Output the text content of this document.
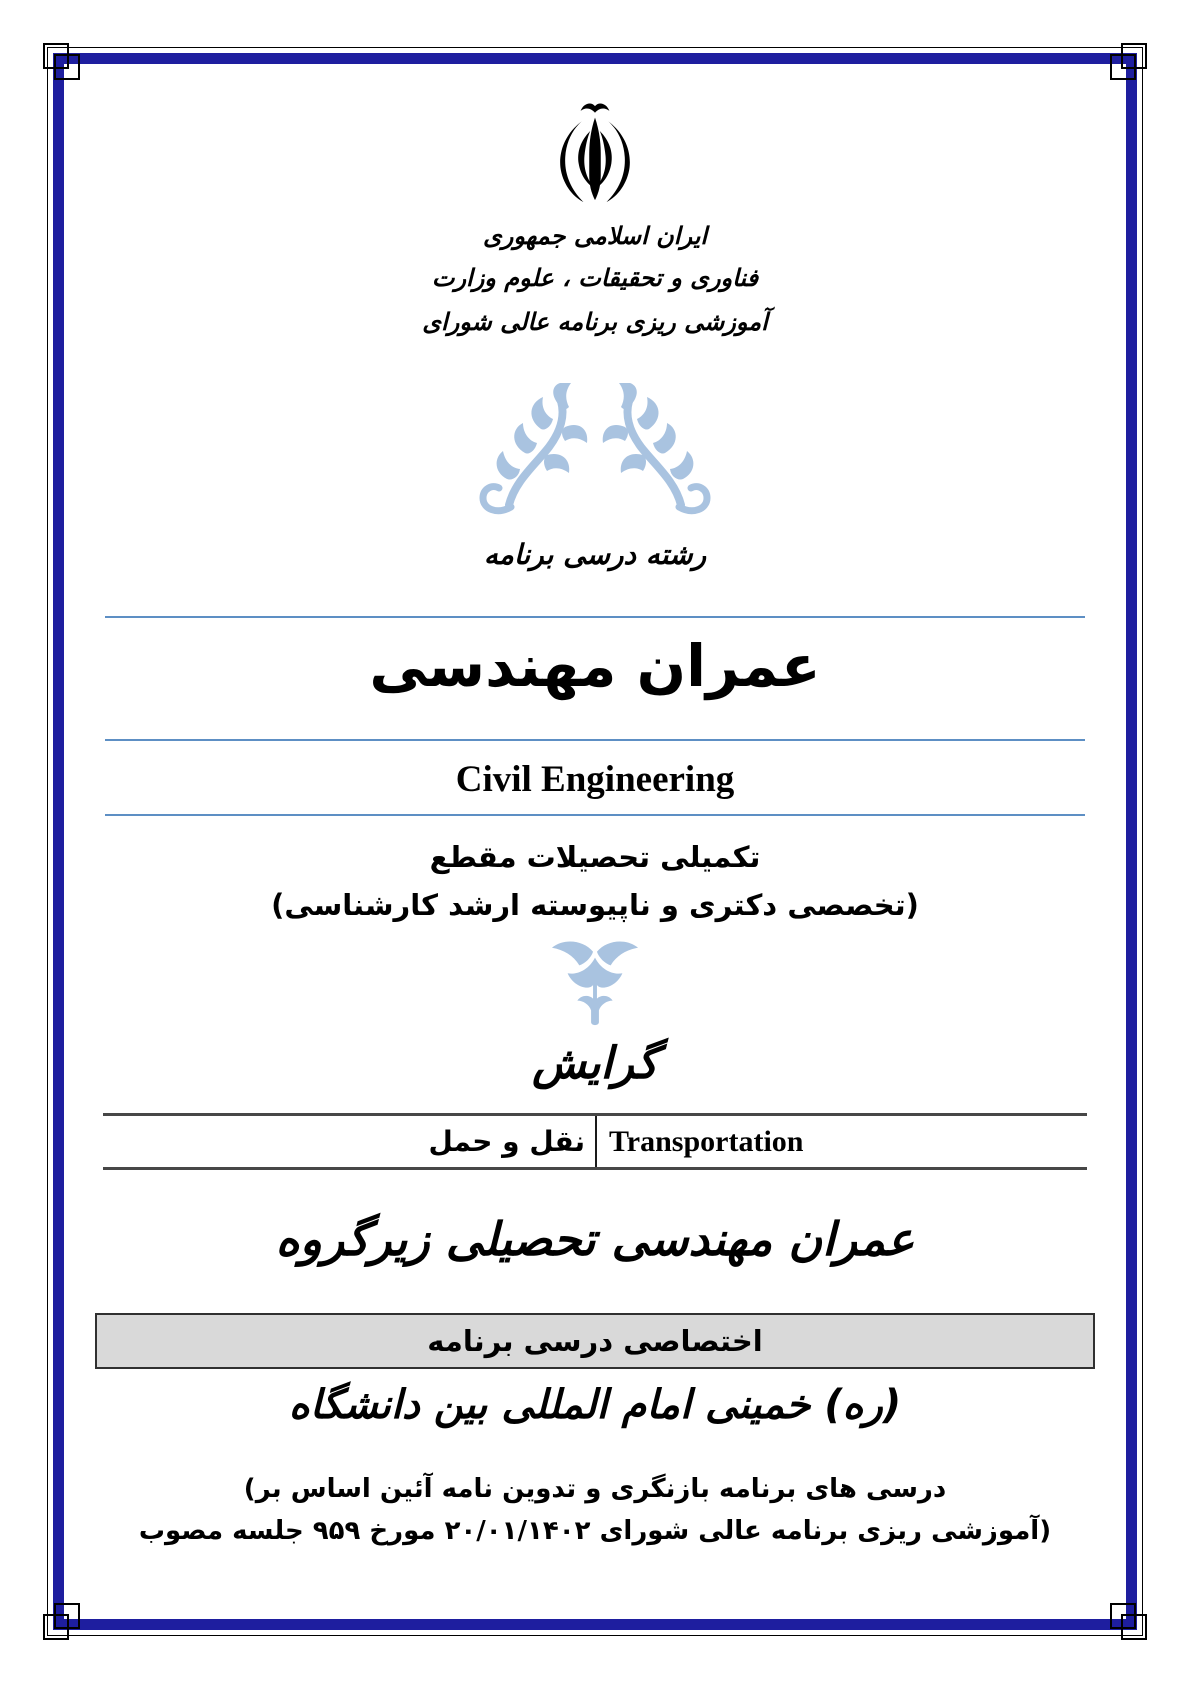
جمهوری ‎اسلامی ‎ایران
وزارت ‎علوم ‎، ‎تحقیقات ‎و ‎فناوری
شورای ‎عالی ‎برنامه ‎ریزی ‎آموزشی
برنامه ‎درسی ‎رشته
مهندسی ‎عمران
Civil Engineering
مقطع ‎تحصیلات ‎تکمیلی
(کارشناسی ‎ارشد ‎ناپیوسته ‎و ‎دکتری ‎تخصصی)
گرایش
حمل ‎و ‎نقل Transportation
زیرگروه ‎تحصیلی ‎مهندسی ‎عمران
برنامه ‎درسی ‎اختصاصی
دانشگاه ‎بین ‎المللی ‎امام ‎خمینی ‎(ره)
(بر ‎اساس ‎آئین ‎نامه ‎تدوین ‎و ‎بازنگری ‎برنامه ‎های ‎درسی
مصوب ‎جلسه ‎۹۵۹ ‎مورخ ‎۲۰/۰۱/۱۴۰۲ ‎شورای ‎عالی ‎برنامه ‎ریزی ‎آموزشی)
